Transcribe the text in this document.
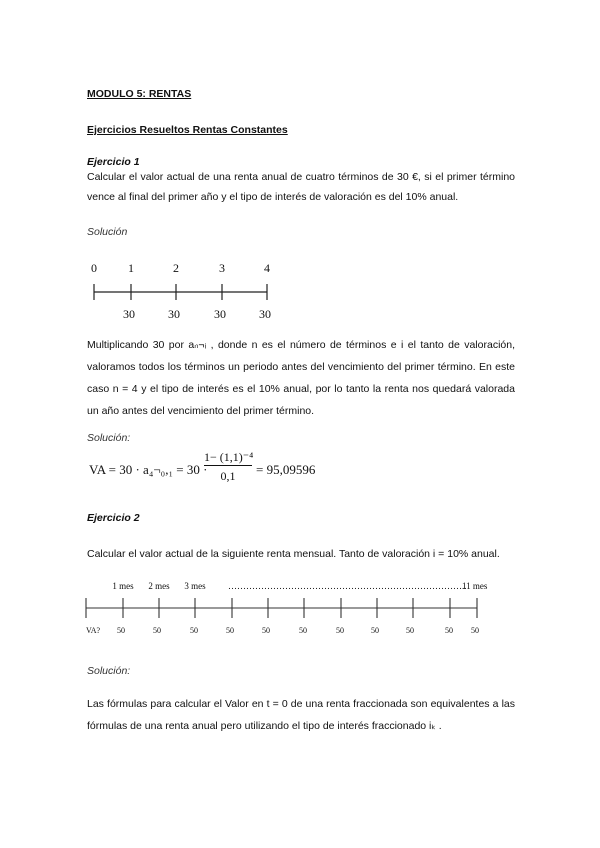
MODULO 5: RENTAS
Ejercicios Resueltos Rentas Constantes
Ejercicio 1
Calcular el valor actual de una renta anual de cuatro términos de 30 €, si el primer término vence al final del primer año y el tipo de interés de valoración es del 10% anual.
Solución
0	1	2	3	4
30	30	30	30
Multiplicando 30 por aₙ¬ᵢ , donde n es el número de términos e i el tanto de valoración, valoramos todos los términos un periodo antes del vencimiento del primer término. En este caso n = 4 y el tipo de interés es el 10% anual, por lo tanto la renta nos quedará valorada un año antes del vencimiento del primer término.
Solución:
VA = 30 · a₄¬₀,₁ = 30 ·
1− (1,1)⁻⁴
0,1	= 95,09596
Ejercicio 2
Calcular el valor actual de la siguiente renta mensual. Tanto de valoración i = 10% anual.
1 mes 2 mes 3 mes ……………………………………………………………………..
11 mes
VA? 50	50	50	50	50	50	50	50	50	50 50
Solución:
Las fórmulas para calcular el Valor en t = 0 de una renta fraccionada son equivalentes a las fórmulas de una renta anual pero utilizando el tipo de interés fraccionado iₖ .
